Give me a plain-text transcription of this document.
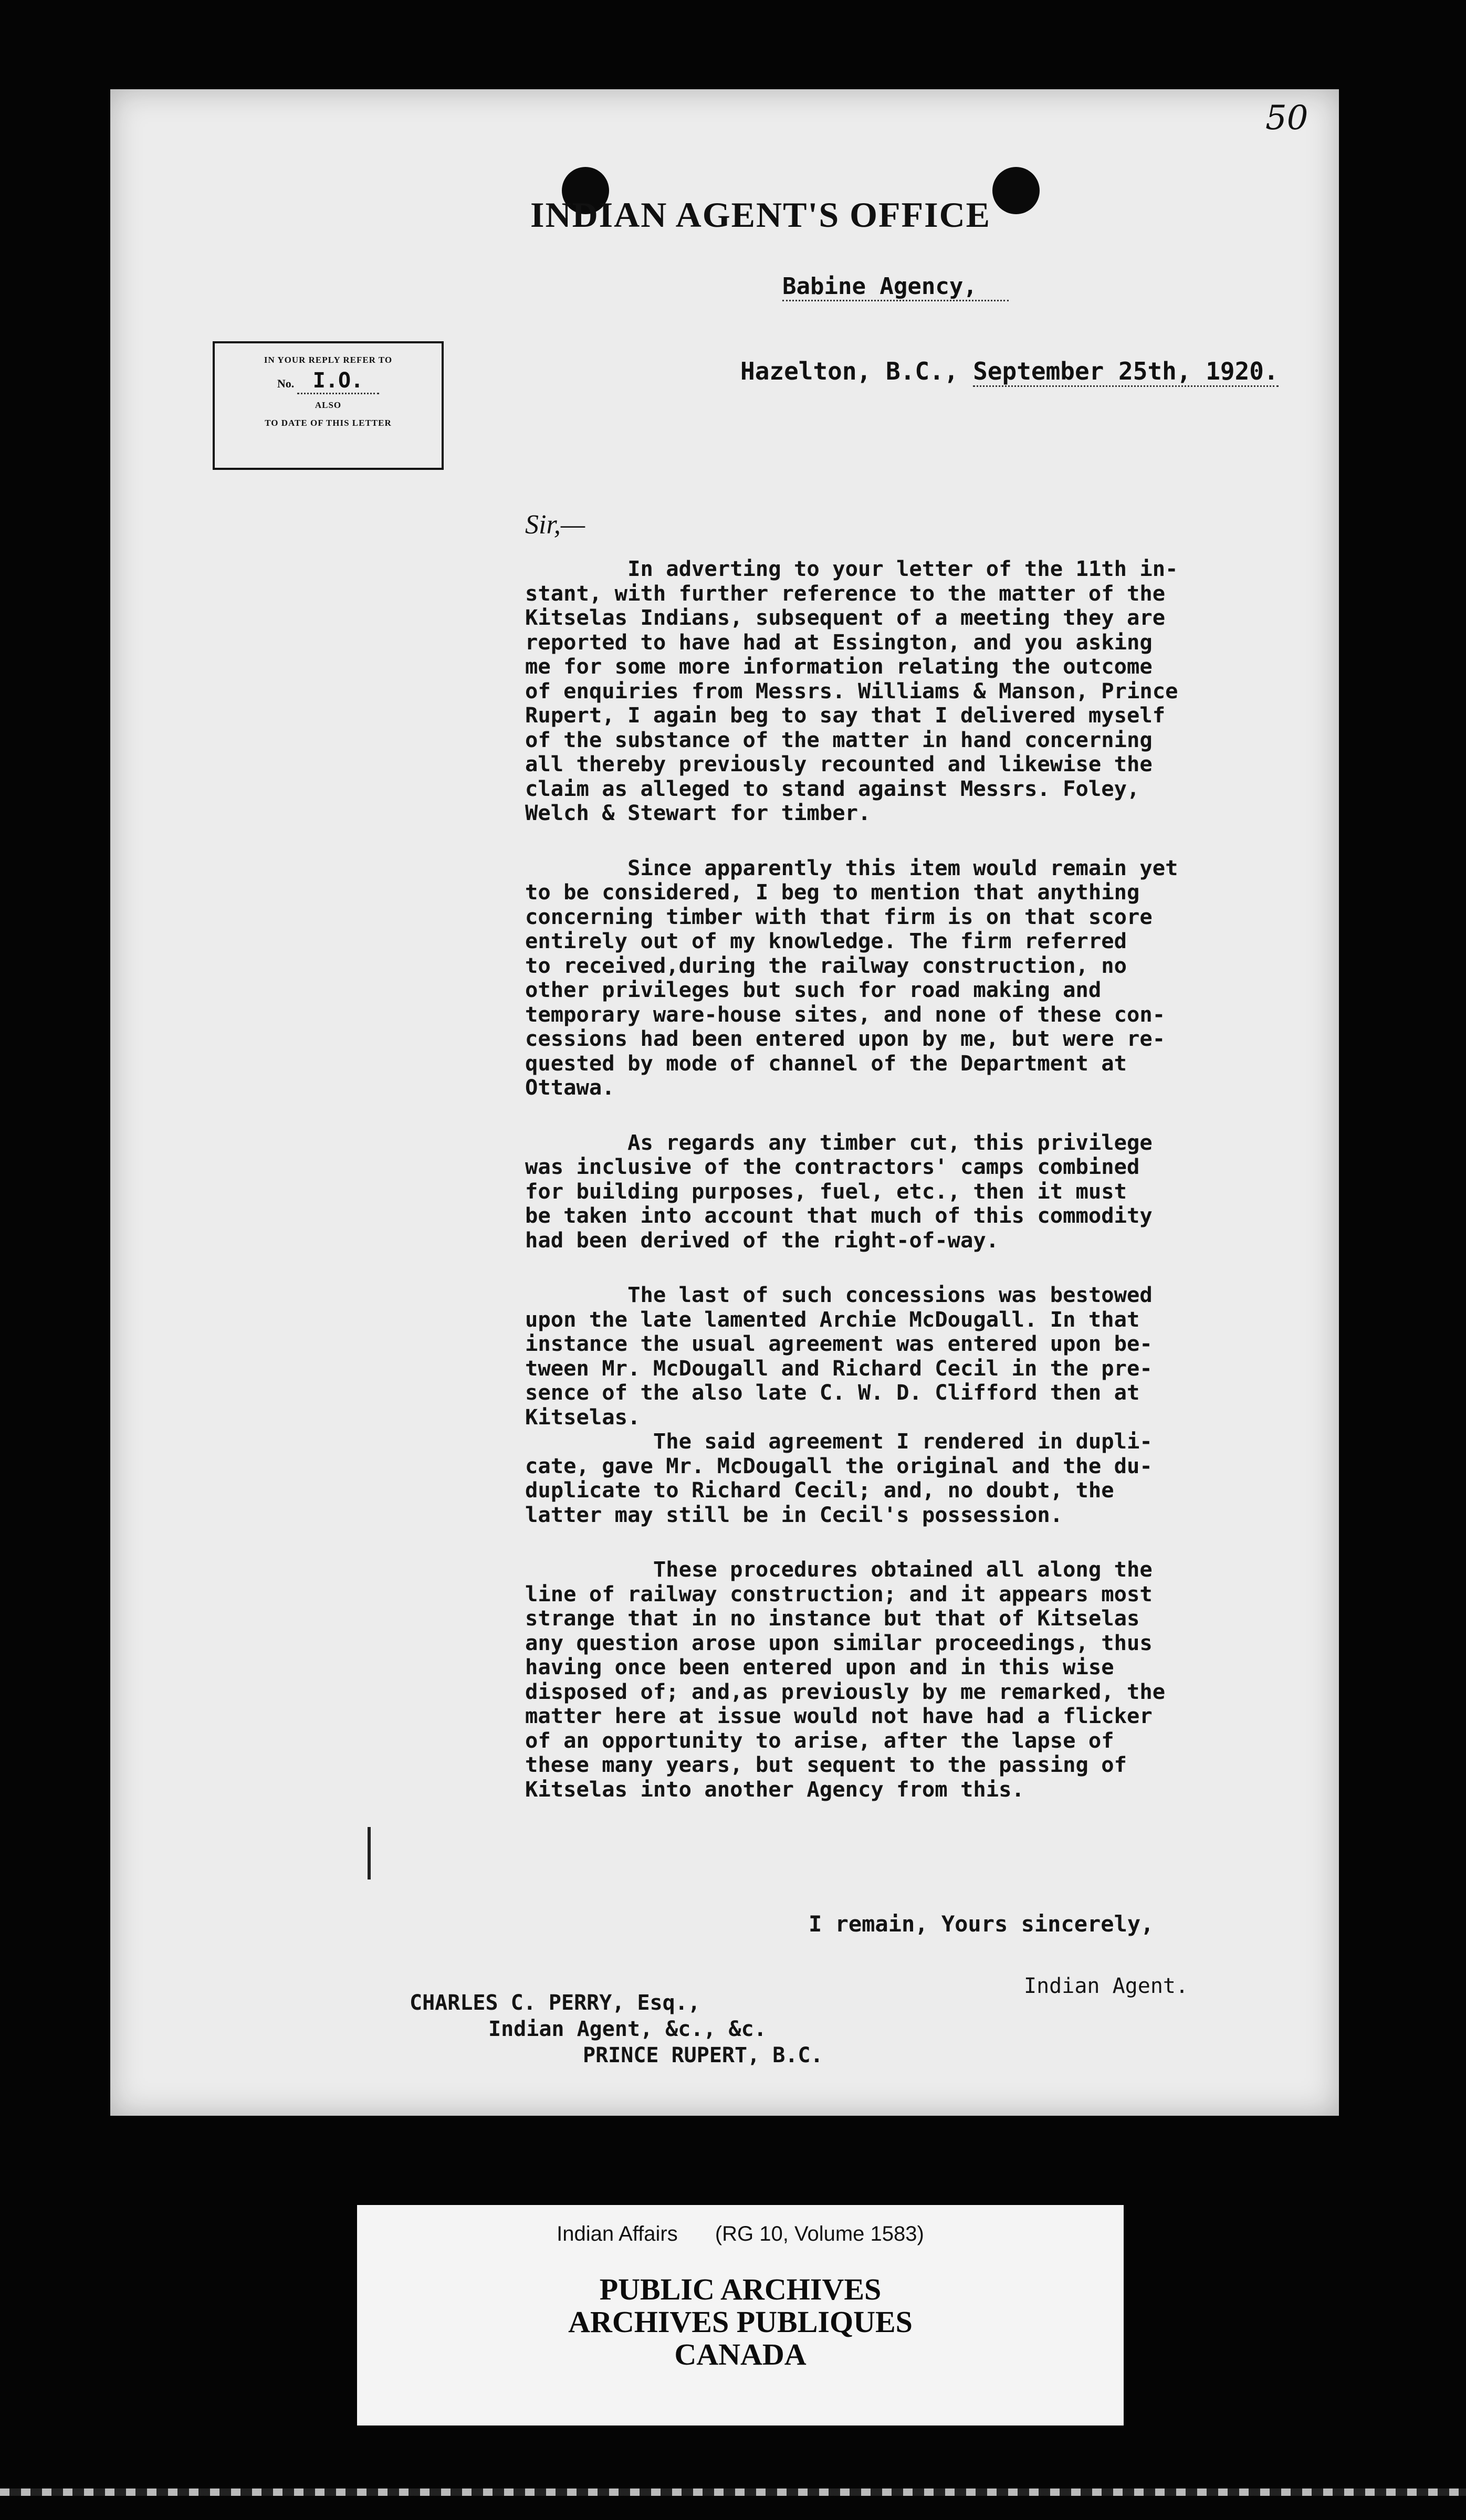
50
INDIAN AGENT'S OFFICE
Babine Agency,
Hazelton, B.C., September 25th, 1920.
IN YOUR REPLY REFER TO
No. I.O.
ALSO
TO DATE OF THIS LETTER
Sir,—

In adverting to your letter of the 11th in-
stant, with further reference to the matter of the
Kitselas Indians, subsequent of a meeting they are
reported to have had at Essington, and you asking
me for some more information relating the outcome
of enquiries from Messrs. Williams & Manson, Prince
Rupert, I again beg to say that I delivered myself
of the substance of the matter in hand concerning
all thereby previously recounted and likewise the
claim as alleged to stand against Messrs. Foley,
Welch & Stewart for timber.

Since apparently this item would remain yet
to be considered, I beg to mention that anything
concerning timber with that firm is on that score
entirely out of my knowledge. The firm referred
to received,during the railway construction, no
other privileges but such for road making and
temporary ware-house sites, and none of these con-
cessions had been entered upon by me, but were re-
quested by mode of channel of the Department at
Ottawa.

As regards any timber cut, this privilege
was inclusive of the contractors' camps combined
for building purposes, fuel, etc., then it must
be taken into account that much of this commodity
had been derived of the right-of-way.

The last of such concessions was bestowed
upon the late lamented Archie McDougall. In that
instance the usual agreement was entered upon be-
tween Mr. McDougall and Richard Cecil in the pre-
sence of the also late C. W. D. Clifford then at
Kitselas.
The said agreement I rendered in dupli-
cate, gave Mr. McDougall the original and the du-
duplicate to Richard Cecil; and, no doubt, the
latter may still be in Cecil's possession.

These procedures obtained all along the
line of railway construction; and it appears most
strange that in no instance but that of Kitselas
any question arose upon similar proceedings, thus
having once been entered upon and in this wise
disposed of; and,as previously by me remarked, the
matter here at issue would not have had a flicker
of an opportunity to arise, after the lapse of
these many years, but sequent to the passing of
Kitselas into another Agency from this.

I remain, Yours sincerely,
Indian Agent.
CHARLES C. PERRY, Esq.,
Indian Agent, &c., &c.
PRINCE RUPERT, B.C.
Indian Affairs (RG 10, Volume 1583)
PUBLIC ARCHIVES
ARCHIVES PUBLIQUES
CANADA
